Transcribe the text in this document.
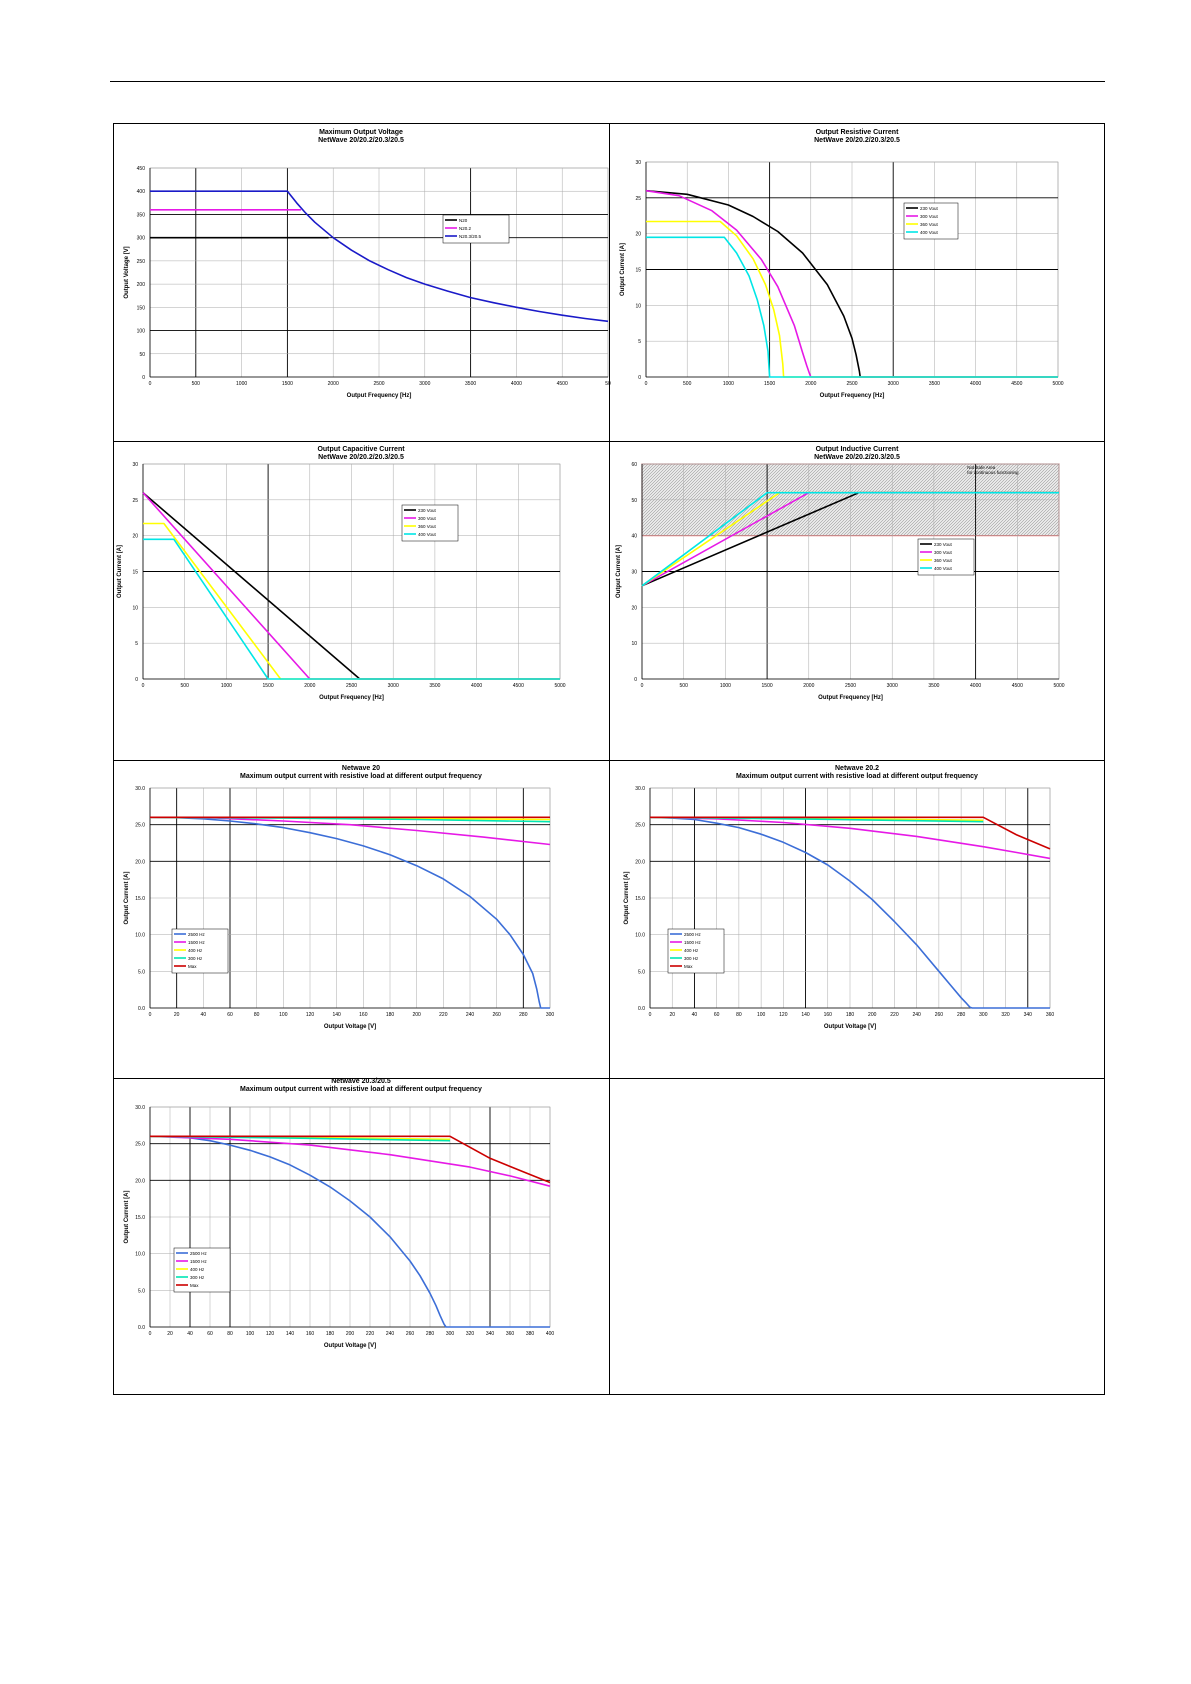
Maximum Output Voltage
NetWave 20/20.2/20.3/20.5
0	500	1000	1500	2000	2500	3000	3500	4000	4500	50
0
50
100
150
200
250
300
350
400
450
Output Frequency [Hz]
Output Voltage [V]
N20
N20.2
N20.3/20.5
Output Resistive Current
NetWave 20/20.2/20.3/20.5
0	500	1000	1500	2000	2500	3000	3500	4000	4500	5000
0
5
10
15
20
25
30
Output Frequency [Hz]
Output Current [A]
230 Vout
300 Vout
360 Vout
400 Vout
Output Capacitive Current
NetWave 20/20.2/20.3/20.5
0	500	1000	1500	2000	2500	3000	3500	4000	4500	5000
0
5
10
15
20
25
30
Output Frequency [Hz]
Output Current [A]
230 Vout
300 Vout
360 Vout
400 Vout
Output Inductive Current
NetWave 20/20.2/20.3/20.5
Not Safe Area
for continuous functioning
0	500	1000	1500	2000	2500	3000	3500	4000	4500	5000
0
10
20
30
40
50
60
Output Frequency [Hz]
Output Current [A]
230 Vout
300 Vout
360 Vout
400 Vout
Netwave 20
Maximum output current with resistive load at different output frequency
0	20	40	60	80	100	120	140	160	180	200	220	240	260	280	300
0.0
5.0
10.0
15.0
20.0
25.0
30.0
Output Voltage [V]
Output Current [A]
2500 Hz
1500 Hz
400 Hz
300 Hz
Max
Netwave 20.2
Maximum output current with resistive load at different output frequency
0	20	40	60	80	100	120	140	160	180	200	220	240	260	280	300	320	340	360
0.0
5.0
10.0
15.0
20.0
25.0
30.0
Output Voltage [V]
Output Current [A]
2500 Hz
1500 Hz
400 Hz
300 Hz
Max
Netwave 20.3/20.5
Maximum output current with resistive load at different output frequency
0	20	40	60	80	100 120 140 160 180 200 220 240 260 280 300 320 340 360 380 400
0.0
5.0
10.0
15.0
20.0
25.0
30.0
Output Voltage [V]
Output Current [A]
2500 Hz
1500 Hz
400 Hz
300 Hz
Max
